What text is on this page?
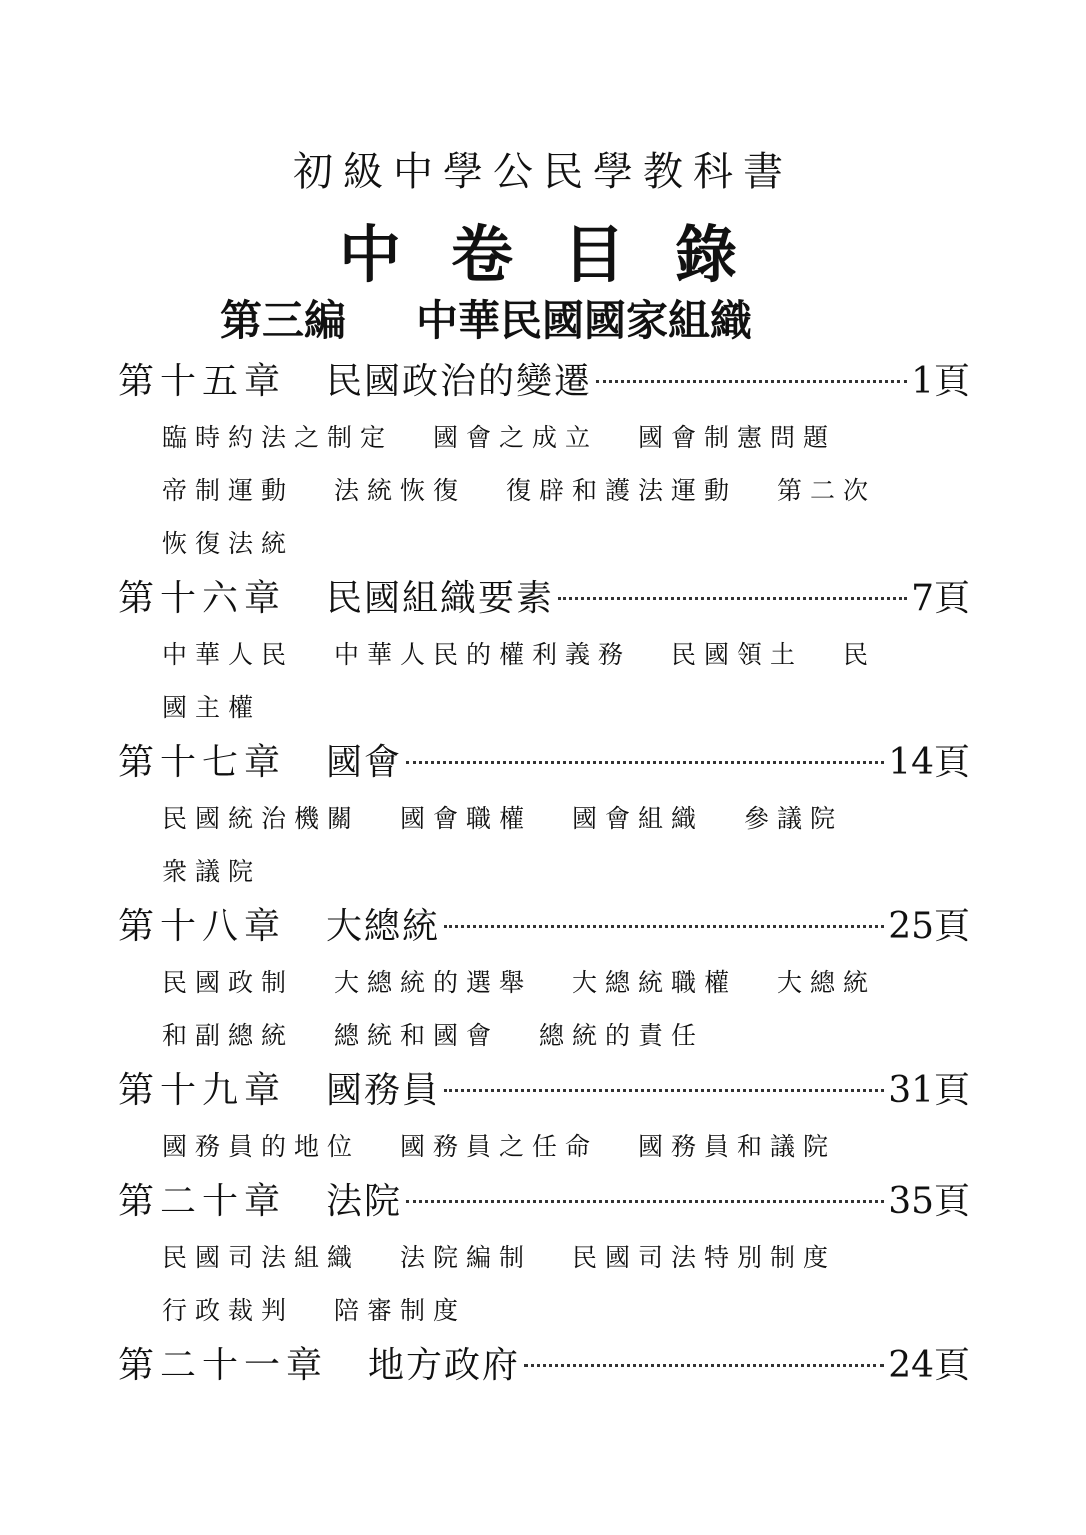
初級中學公民學教科書
中卷目錄
第三編 中華民國國家組織
第十五章 民國政治的變遷	1頁
臨時約法之制定 國會之成立 國會制憲問題
帝制運動 法統恢復 復辟和護法運動 第二次
恢復法統
第十六章 民國組織要素	7頁
中華人民 中華人民的權利義務 民國領土 民
國主權
第十七章 國會	14頁
民國統治機關 國會職權 國會組織 參議院
衆議院
第十八章 大總統	25頁
民國政制 大總統的選舉 大總統職權 大總統
和副總統 總統和國會 總統的責任
第十九章 國務員	31頁
國務員的地位 國務員之任命 國務員和議院
第二十章 法院	35頁
民國司法組織 法院編制 民國司法特別制度
行政裁判 陪審制度
第二十一章 地方政府	24頁
